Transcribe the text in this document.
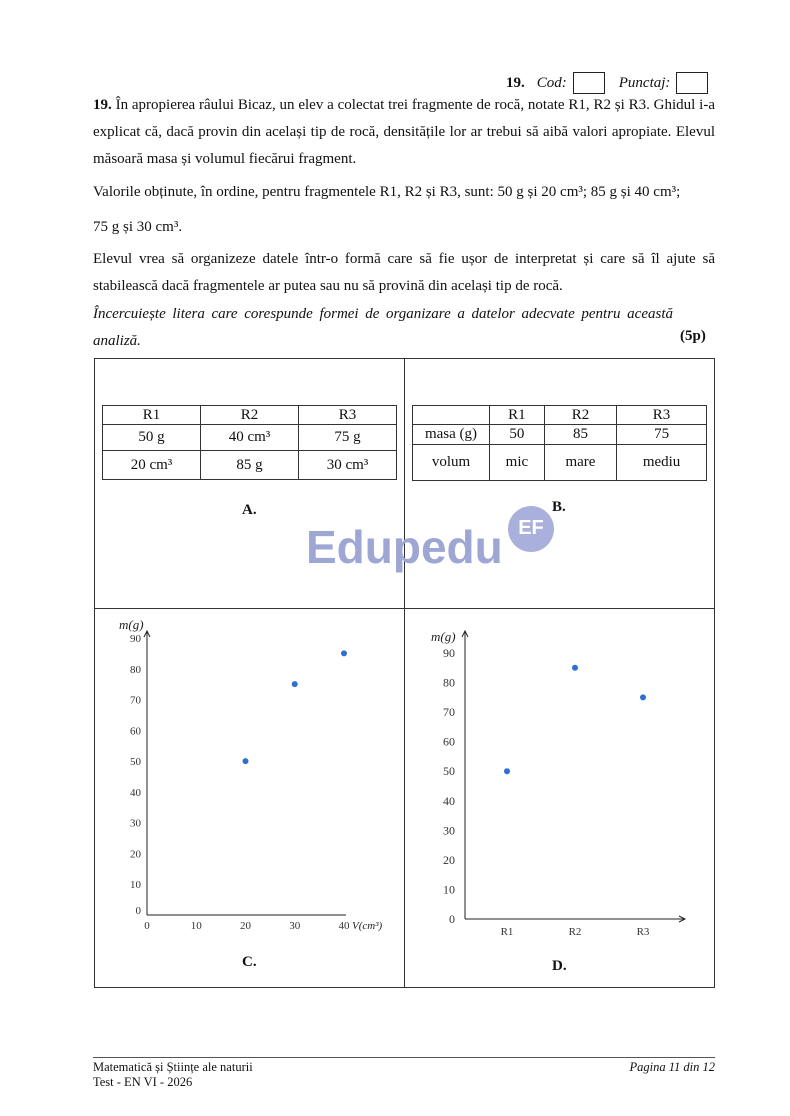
19. Cod:	Punctaj:
19. În apropierea râului Bicaz, un elev a colectat trei fragmente de rocă, notate R1, R2 și R3. Ghidul i-a explicat că, dacă provin din același tip de rocă, densitățile lor ar trebui să aibă valori apropiate. Elevul măsoară masa și volumul fiecărui fragment.
Valorile obținute, în ordine, pentru fragmentele R1, R2 și R3, sunt: 50 g și 20 cm³; 85 g și 40 cm³;
75 g și 30 cm³.
Elevul vrea să organizeze datele într-o formă care să fie ușor de interpretat și care să îl ajute să stabilească dacă fragmentele ar putea sau nu să provină din același tip de rocă.
Încercuiește litera care corespunde formei de organizare a datelor adecvate pentru această analiză.	(5p)
R1	R2	R3
50 g	40 cm³	75 g
20 cm³	85 g	30 cm³
A.
	R1	R2	R3
masa (g)	50	85	75
volum	mic	mare	mediu
B.
Edupedu EF
10
20
30
40
50
60
70
80
90
0
0	10	20	30	40
m(g)
V(cm³)
C.
0
10
20
30
40
50
60
70
80
90
m(g)
R1	R2	R3
D.
Matematică și Științe ale naturii
Test - EN VI - 2026
Pagina 11 din 12
